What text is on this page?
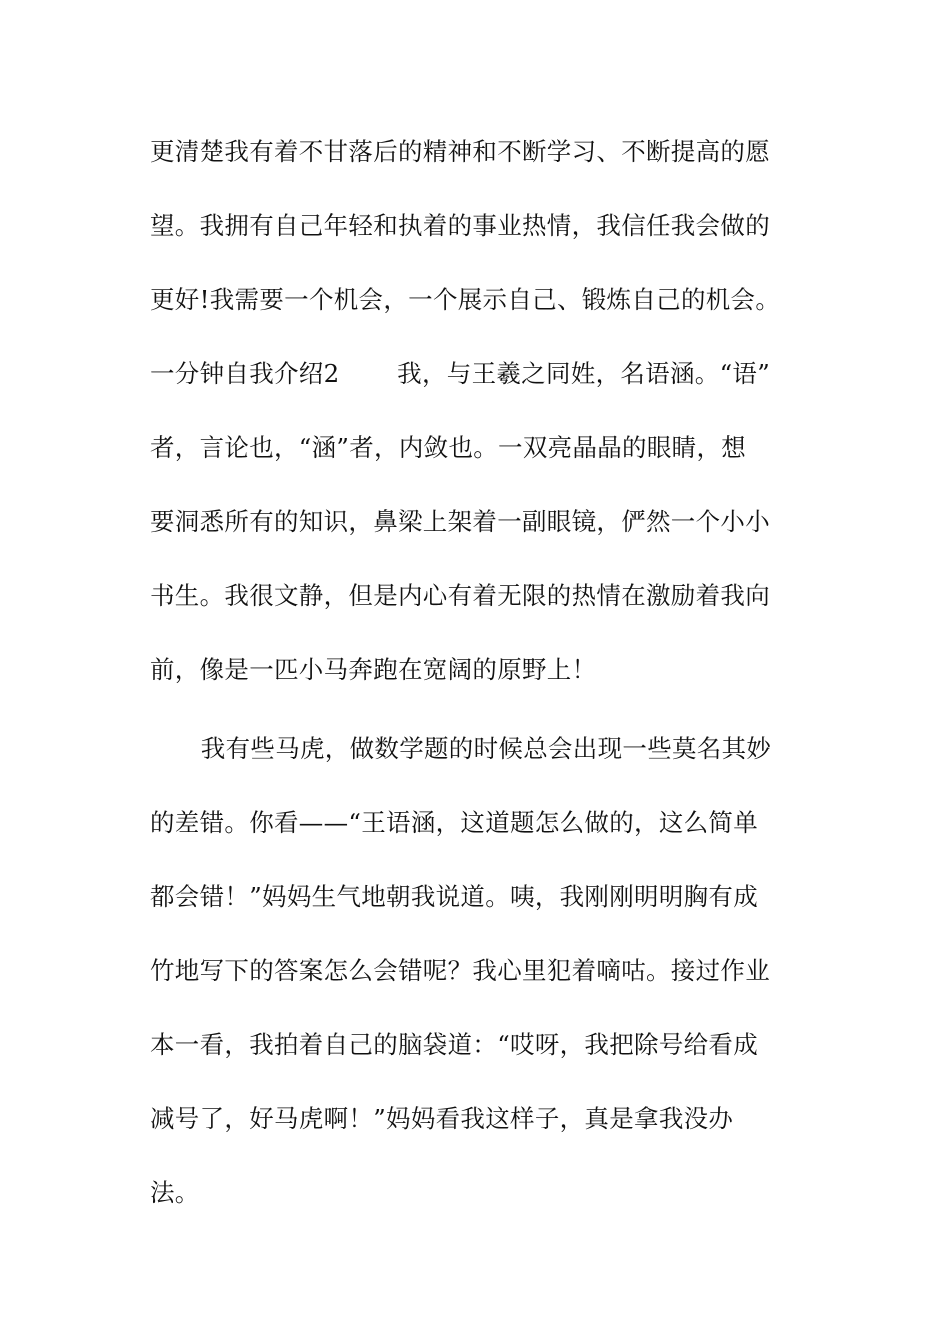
更清楚我有着不甘落后的精神和不断学习、不断提高的愿
望。我拥有自己年轻和执着的事业热情，我信任我会做的
更好!我需要一个机会，一个展示自己、锻炼自己的机会。
一分钟自我介绍2　　 我，与王羲之同姓，名语涵。“语”
者，言论也，“涵”者，内敛也。一双亮晶晶的眼睛，想
要洞悉所有的知识，鼻梁上架着一副眼镜，俨然一个小小
书生。我很文静，但是内心有着无限的热情在激励着我向
前，像是一匹小马奔跑在宽阔的原野上！
　我有些马虎，做数学题的时候总会出现一些莫名其妙
的差错。你看——“王语涵，这道题怎么做的，这么简单
都会错！”妈妈生气地朝我说道。咦，我刚刚明明胸有成
竹地写下的答案怎么会错呢？我心里犯着嘀咕。接过作业
本一看，我拍着自己的脑袋道：“哎呀，我把除号给看成
减号了，好马虎啊！”妈妈看我这样子，真是拿我没办
法。
